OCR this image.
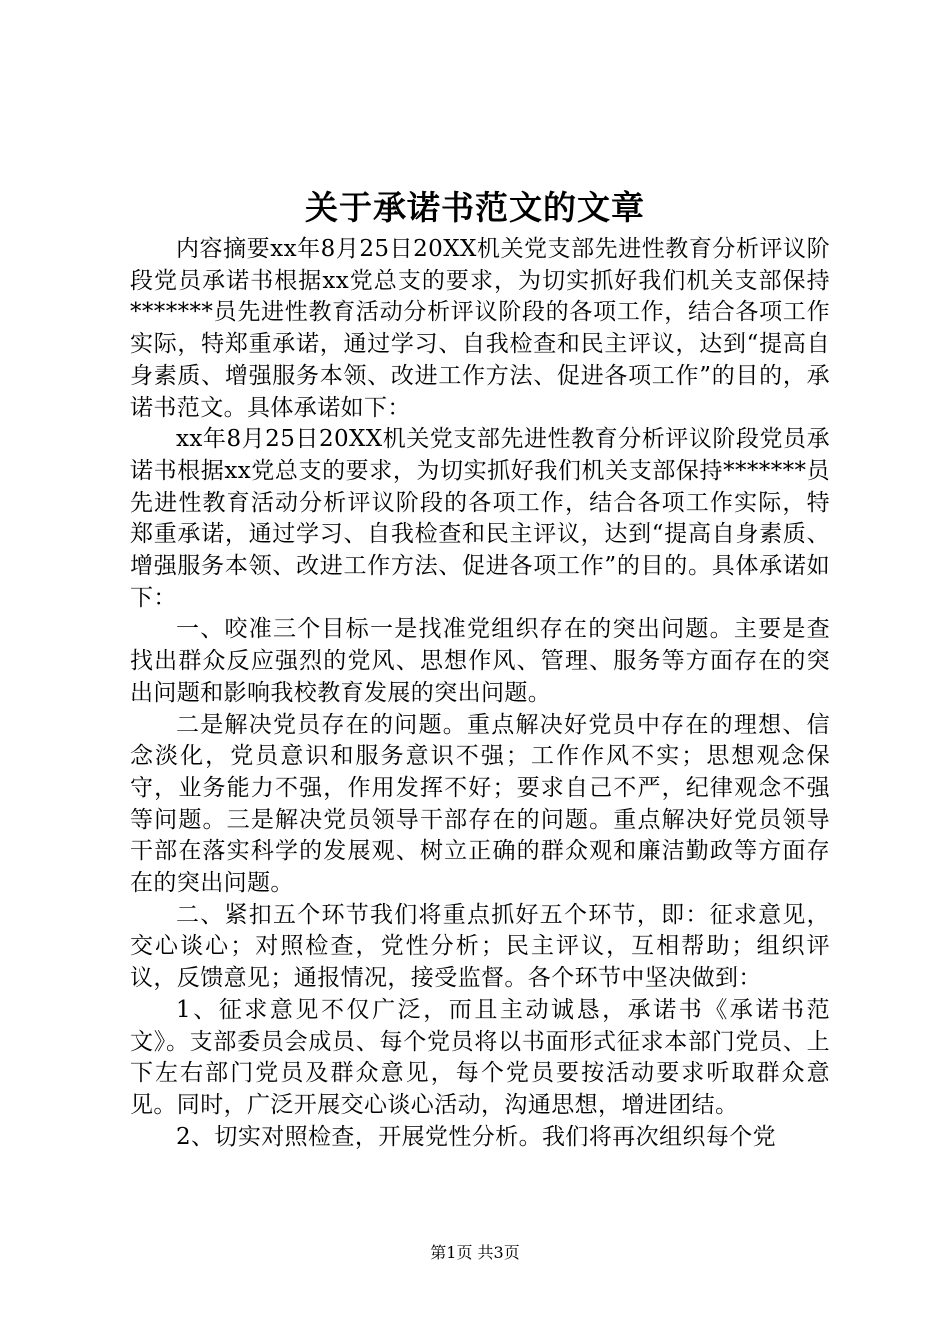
关于承诺书范文的文章

内容摘要xx年8月25日20XX机关党支部先进性教育分析评议阶段党员承诺书根据xx党总支的要求，为切实抓好我们机关支部保持*******员先进性教育活动分析评议阶段的各项工作，结合各项工作实际，特郑重承诺，通过学习、自我检查和民主评议，达到“提高自身素质、增强服务本领、改进工作方法、促进各项工作”的目的，承诺书范文。具体承诺如下：

xx年8月25日20XX机关党支部先进性教育分析评议阶段党员承诺书根据xx党总支的要求，为切实抓好我们机关支部保持*******员先进性教育活动分析评议阶段的各项工作，结合各项工作实际，特郑重承诺，通过学习、自我检查和民主评议，达到“提高自身素质、增强服务本领、改进工作方法、促进各项工作”的目的。具体承诺如下：

一、咬准三个目标一是找准党组织存在的突出问题。主要是查找出群众反应强烈的党风、思想作风、管理、服务等方面存在的突出问题和影响我校教育发展的突出问题。

二是解决党员存在的问题。重点解决好党员中存在的理想、信念淡化，党员意识和服务意识不强；工作作风不实；思想观念保守，业务能力不强，作用发挥不好；要求自己不严，纪律观念不强等问题。三是解决党员领导干部存在的问题。重点解决好党员领导干部在落实科学的发展观、树立正确的群众观和廉洁勤政等方面存在的突出问题。

二、紧扣五个环节我们将重点抓好五个环节，即：征求意见，交心谈心；对照检查，党性分析；民主评议，互相帮助；组织评议，反馈意见；通报情况，接受监督。各个环节中坚决做到：

1、征求意见不仅广泛，而且主动诚恳，承诺书《承诺书范文》。支部委员会成员、每个党员将以书面形式征求本部门党员、上下左右部门党员及群众意见，每个党员要按活动要求听取群众意见。同时，广泛开展交心谈心活动，沟通思想，增进团结。

2、切实对照检查，开展党性分析。我们将再次组织每个党

第1页 共3页
